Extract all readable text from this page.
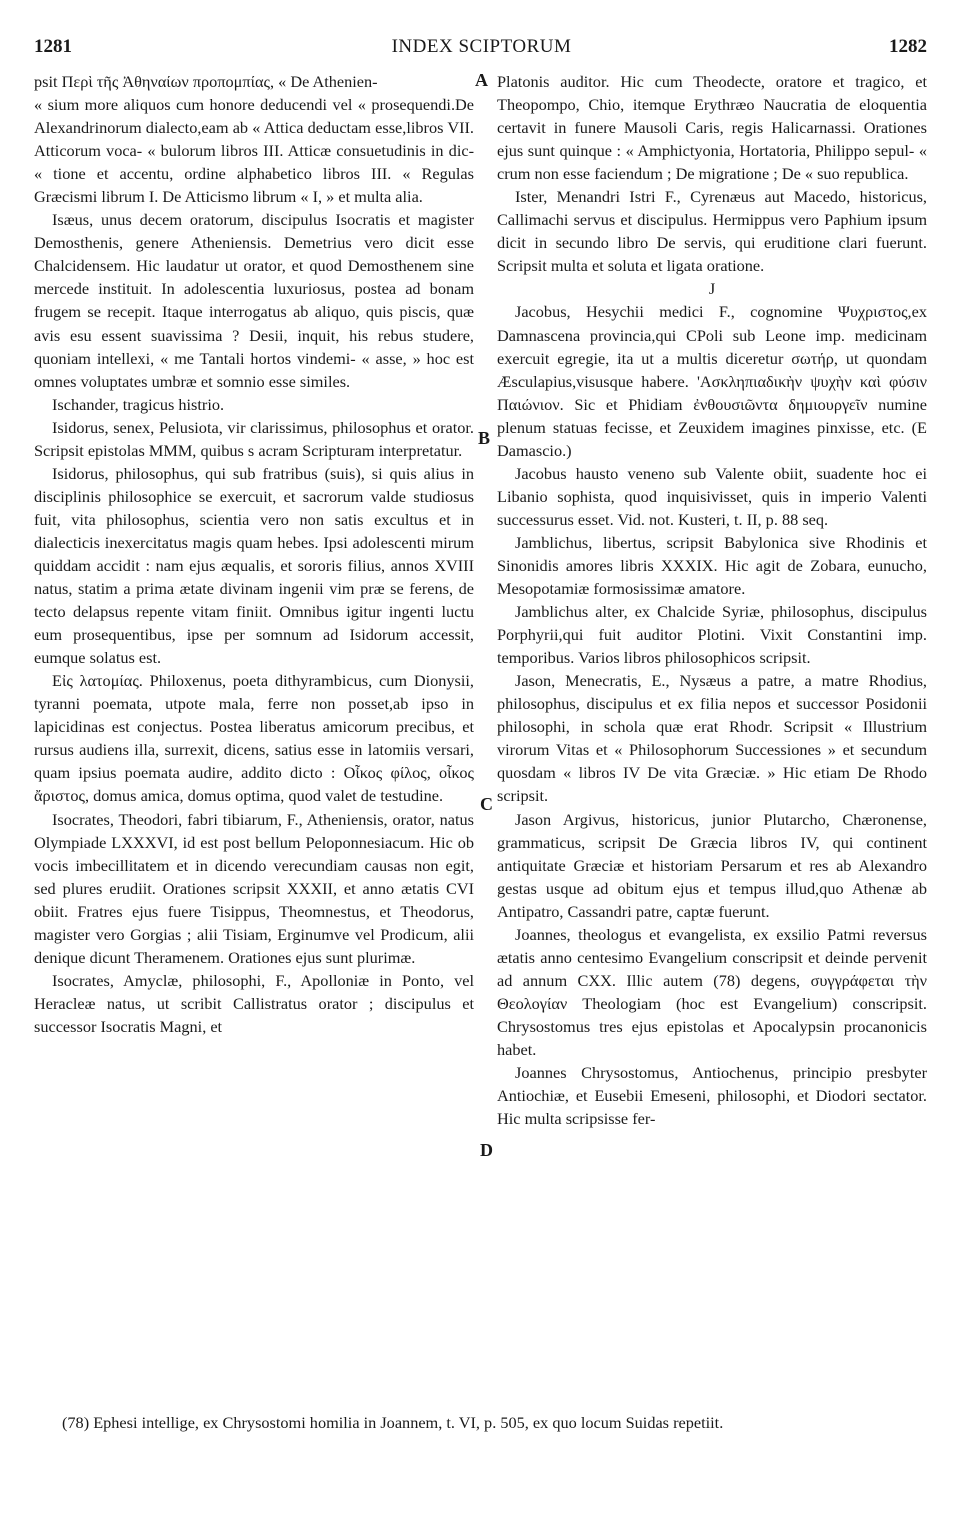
1281	INDEX SCIPTORUM	1282

psit Περὶ τῆς Ἀθηναίων προπομπίας, « De Athenien-

« sium more aliquos cum honore deducendi vel « prosequendi.De Alexandrinorum dialecto,eam ab « Attica deductam esse,libros VII. Atticorum voca- « bulorum libros III. Atticæ consuetudinis in dic- « tione et accentu, ordine alphabetico libros III. « Regulas Græcismi librum I. De Atticismo librum « I, » et multa alia.

Isæus, unus decem oratorum, discipulus Isocratis et magister Demosthenis, genere Atheniensis. Demetrius vero dicit esse Chalcidensem. Hic laudatur ut orator, et quod Demosthenem sine mercede instituit. In adolescentia luxuriosus, postea ad bonam frugem se recepit. Itaque interrogatus ab aliquo, quis piscis, quæ avis esu essent suavissima ? Desii, inquit, his rebus studere, quoniam intellexi, « me Tantali hortos vindemi- « asse, » hoc est omnes voluptates umbræ et somnio esse similes.

Ischander, tragicus histrio.

Isidorus, senex, Pelusiota, vir clarissimus, philosophus et orator. Scripsit epistolas MMM, quibus s acram Scripturam interpretatur.

Isidorus, philosophus, qui sub fratribus (suis), si quis alius in disciplinis philosophice se exercuit, et sacrorum valde studiosus fuit, vita philosophus, scientia vero non satis excultus et in dialecticis inexercitatus magis quam hebes. Ipsi adolescenti mirum quiddam accidit : nam ejus æqualis, et sororis filius, annos XVIII natus, statim a prima ætate divinam ingenii vim præ se ferens, de tecto delapsus repente vitam finiit. Omnibus igitur ingenti luctu eum prosequentibus, ipse per somnum ad Isidorum accessit, eumque solatus est.

Εἰς λατομίας. Philoxenus, poeta dithyrambicus, cum Dionysii, tyranni poemata, utpote mala, ferre non posset,ab ipso in lapicidinas est conjectus. Postea liberatus amicorum precibus, et rursus audiens illa, surrexit, dicens, satius esse in latomiis versari, quam ipsius poemata audire, addito dicto : Οἶκος φίλος, οἶκος ἄριστος, domus amica, domus optima, quod valet de testudine.

Isocrates, Theodori, fabri tibiarum, F., Atheniensis, orator, natus Olympiade LXXXVI, id est post bellum Peloponnesiacum. Hic ob vocis imbecillitatem et in dicendo verecundiam causas non egit, sed plures erudiit. Orationes scripsit XXXII, et anno ætatis CVI obiit. Fratres ejus fuere Tisippus, Theomnestus, et Theodorus, magister vero Gorgias ; alii Tisiam, Erginumve vel Prodicum, alii denique dicunt Theramenem. Orationes ejus sunt plurimæ.

Isocrates, Amyclæ, philosophi, F., Apolloniæ in Ponto, vel Heracleæ natus, ut scribit Callistratus orator ; discipulus et successor Isocratis Magni, et

Platonis auditor. Hic cum Theodecte, oratore et tragico, et Theopompo, Chio, itemque Erythræo Naucratia de eloquentia certavit in funere Mausoli Caris, regis Halicarnassi. Orationes ejus sunt quinque : « Amphictyonia, Hortatoria, Philippo sepul- « crum non esse faciendum ; De migratione ; De « suo republica.

Ister, Menandri Istri F., Cyrenæus aut Macedo, historicus, Callimachi servus et discipulus. Hermippus vero Paphium ipsum dicit in secundo libro De servis, qui eruditione clari fuerunt. Scripsit multa et soluta et ligata oratione.

J

Jacobus, Hesychii medici F., cognomine Ψυχριστος,ex Damnascena provincia,qui CPoli sub Leone imp. medicinam exercuit egregie, ita ut a multis diceretur σωτήρ, ut quondam Æsculapius,visusque habere. 'Ασκληπιαδικὴν ψυχὴν καὶ φύσιν Παιώνιον. Sic et Phidiam ἐνθουσιῶντα δημιουργεῖν numine plenum statuas fecisse, et Zeuxidem imagines pinxisse, etc. (E Damascio.)

Jacobus hausto veneno sub Valente obiit, suadente hoc ei Libanio sophista, quod inquisivisset, quis in imperio Valenti successurus esset. Vid. not. Kusteri, t. II, p. 88 seq.

Jamblichus, libertus, scripsit Babylonica sive Rhodinis et Sinonidis amores libris XXXIX. Hic agit de Zobara, eunucho, Mesopotamiæ formosissimæ amatore.

Jamblichus alter, ex Chalcide Syriæ, philosophus, discipulus Porphyrii,qui fuit auditor Plotini. Vixit Constantini imp. temporibus. Varios libros philosophicos scripsit.

Jason, Menecratis, E., Nysæus a patre, a matre Rhodius, philosophus, discipulus et ex filia nepos et successor Posidonii philosophi, in schola quæ erat Rhodr. Scripsit « Illustrium virorum Vitas et « Philosophorum Successiones » et secundum quosdam « libros IV De vita Græciæ. » Hic etiam De Rhodo scripsit.

Jason Argivus, historicus, junior Plutarcho, Chæronense, grammaticus, scripsit De Græcia libros IV, qui continent antiquitate Græciæ et historiam Persarum et res ab Alexandro gestas usque ad obitum ejus et tempus illud,quo Athenæ ab Antipatro, Cassandri patre, captæ fuerunt.

Joannes, theologus et evangelista, ex exsilio Patmi reversus ætatis anno centesimo Evangelium conscripsit et deinde pervenit ad annum CXX. Illic autem (78) degens, συγγράφεται τὴν Θεολογίαν Theologiam (hoc est Evangelium) conscripsit. Chrysostomus tres ejus epistolas et Apocalypsin procanonicis habet.

Joannes Chrysostomus, Antiochenus, principio presbyter Antiochiæ, et Eusebii Emeseni, philosophi, et Diodori sectator. Hic multa scripsisse fer-

A
B
C
D

(78) Ephesi intellige, ex Chrysostomi homilia in Joannem, t. VI, p. 505, ex quo locum Suidas repetiit.
